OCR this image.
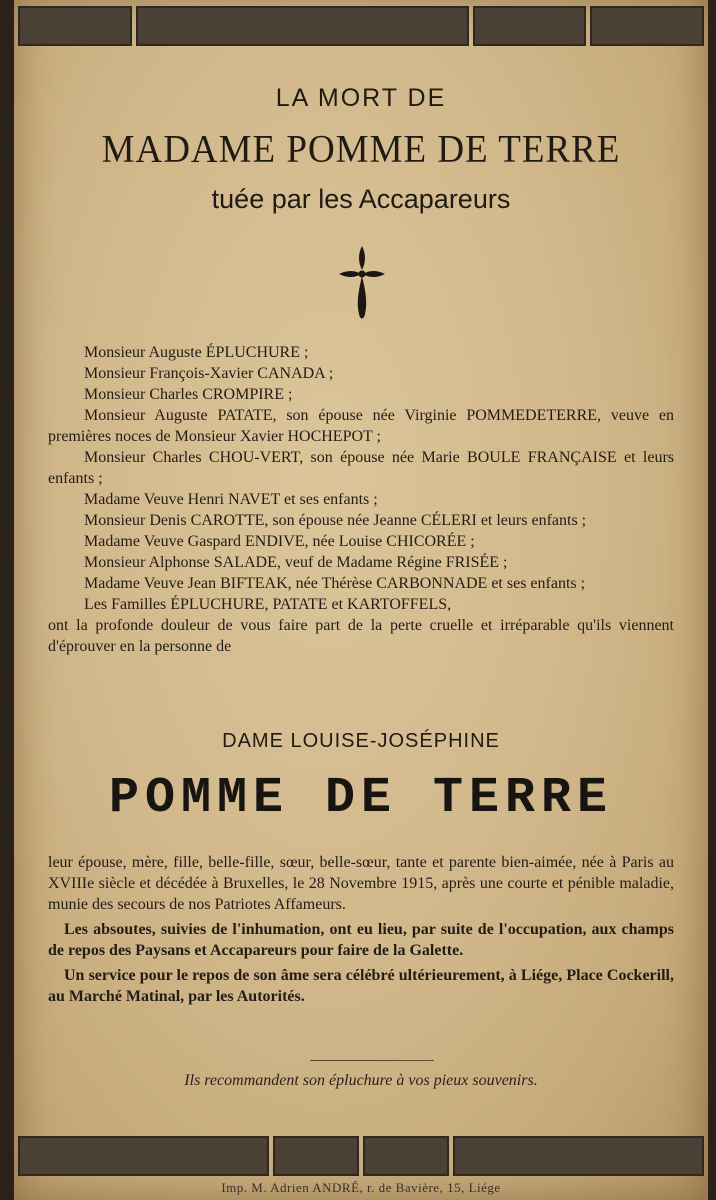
LA MORT DE
MADAME POMME DE TERRE
tuée par les Accapareurs

Monsieur Auguste ÉPLUCHURE ;

Monsieur François-Xavier CANADA ;

Monsieur Charles CROMPIRE ;

Monsieur Auguste PATATE, son épouse née Virginie POMMEDETERRE, veuve en premières noces de Monsieur Xavier HOCHEPOT ;

Monsieur Charles CHOU-VERT, son épouse née Marie BOULE FRANÇAISE et leurs enfants ;

Madame Veuve Henri NAVET et ses enfants ;

Monsieur Denis CAROTTE, son épouse née Jeanne CÉLERI et leurs enfants ;

Madame Veuve Gaspard ENDIVE, née Louise CHICORÉE ;

Monsieur Alphonse SALADE, veuf de Madame Régine FRISÉE ;

Madame Veuve Jean BIFTEAK, née Thérèse CARBONNADE et ses enfants ;

Les Familles ÉPLUCHURE, PATATE et KARTOFFELS,

ont la profonde douleur de vous faire part de la perte cruelle et irréparable qu'ils viennent d'éprouver en la personne de

DAME LOUISE-JOSÉPHINE
POMME DE TERRE

leur épouse, mère, fille, belle-fille, sœur, belle-sœur, tante et parente bien-aimée, née à Paris au XVIIIe siècle et décédée à Bruxelles, le 28 Novembre 1915, après une courte et pénible maladie, munie des secours de nos Patriotes Affameurs.

Les absoutes, suivies de l'inhumation, ont eu lieu, par suite de l'occupation, aux champs de repos des Paysans et Accapareurs pour faire de la Galette.

Un service pour le repos de son âme sera célébré ultérieurement, à Liége, Place Cockerill, au Marché Matinal, par les Autorités.

Ils recommandent son épluchure à vos pieux souvenirs.
Imp. M. Adrien ANDRÉ, r. de Bavière, 15, Liége
